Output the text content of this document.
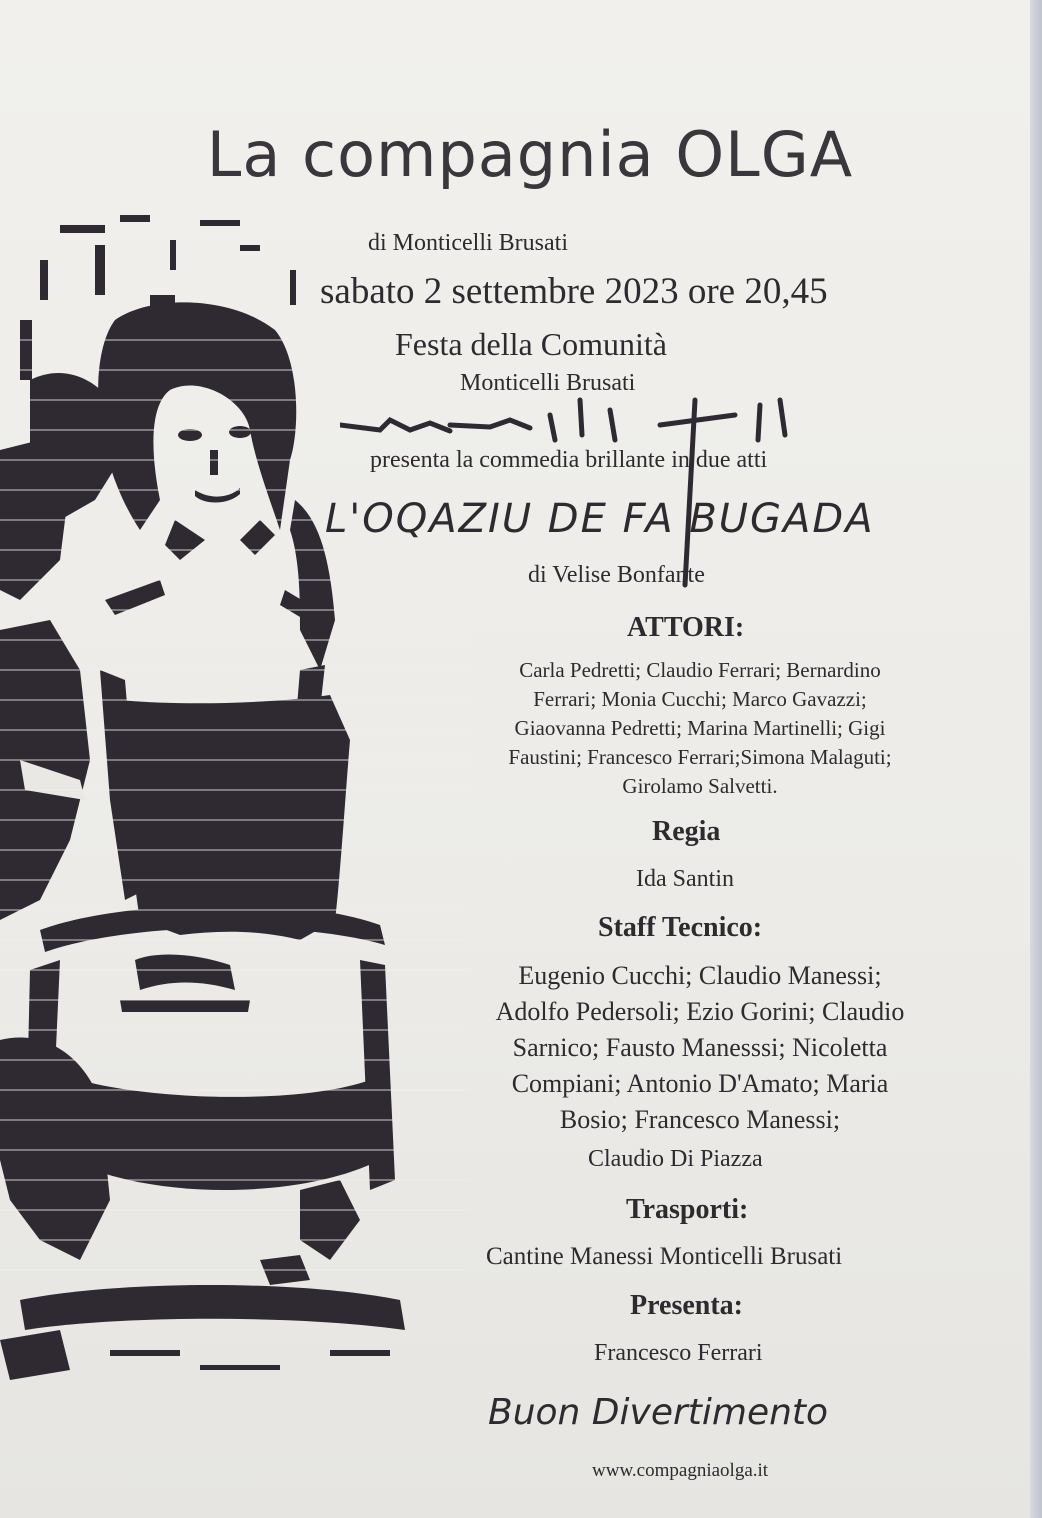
La compagnia OLGA
di Monticelli Brusati
sabato 2 settembre 2023 ore 20,45
Festa della Comunità
Monticelli Brusati
presenta la commedia brillante in due atti
L'OQAZIU DE FA BUGADA
di Velise Bonfante
ATTORI:
Carla Pedretti; Claudio Ferrari; Bernardino
Ferrari; Monia Cucchi; Marco Gavazzi;
Giaovanna Pedretti; Marina Martinelli; Gigi
Faustini; Francesco Ferrari;Simona Malaguti;
Girolamo Salvetti.
Regia
Ida Santin
Staff Tecnico:
Eugenio Cucchi; Claudio Manessi;
Adolfo Pedersoli; Ezio Gorini; Claudio
Sarnico; Fausto Manesssi; Nicoletta
Compiani; Antonio D'Amato; Maria
Bosio; Francesco Manessi;
Claudio Di Piazza
Trasporti:
Cantine Manessi Monticelli Brusati
Presenta:
Francesco Ferrari
Buon Divertimento
www.compagniaolga.it
